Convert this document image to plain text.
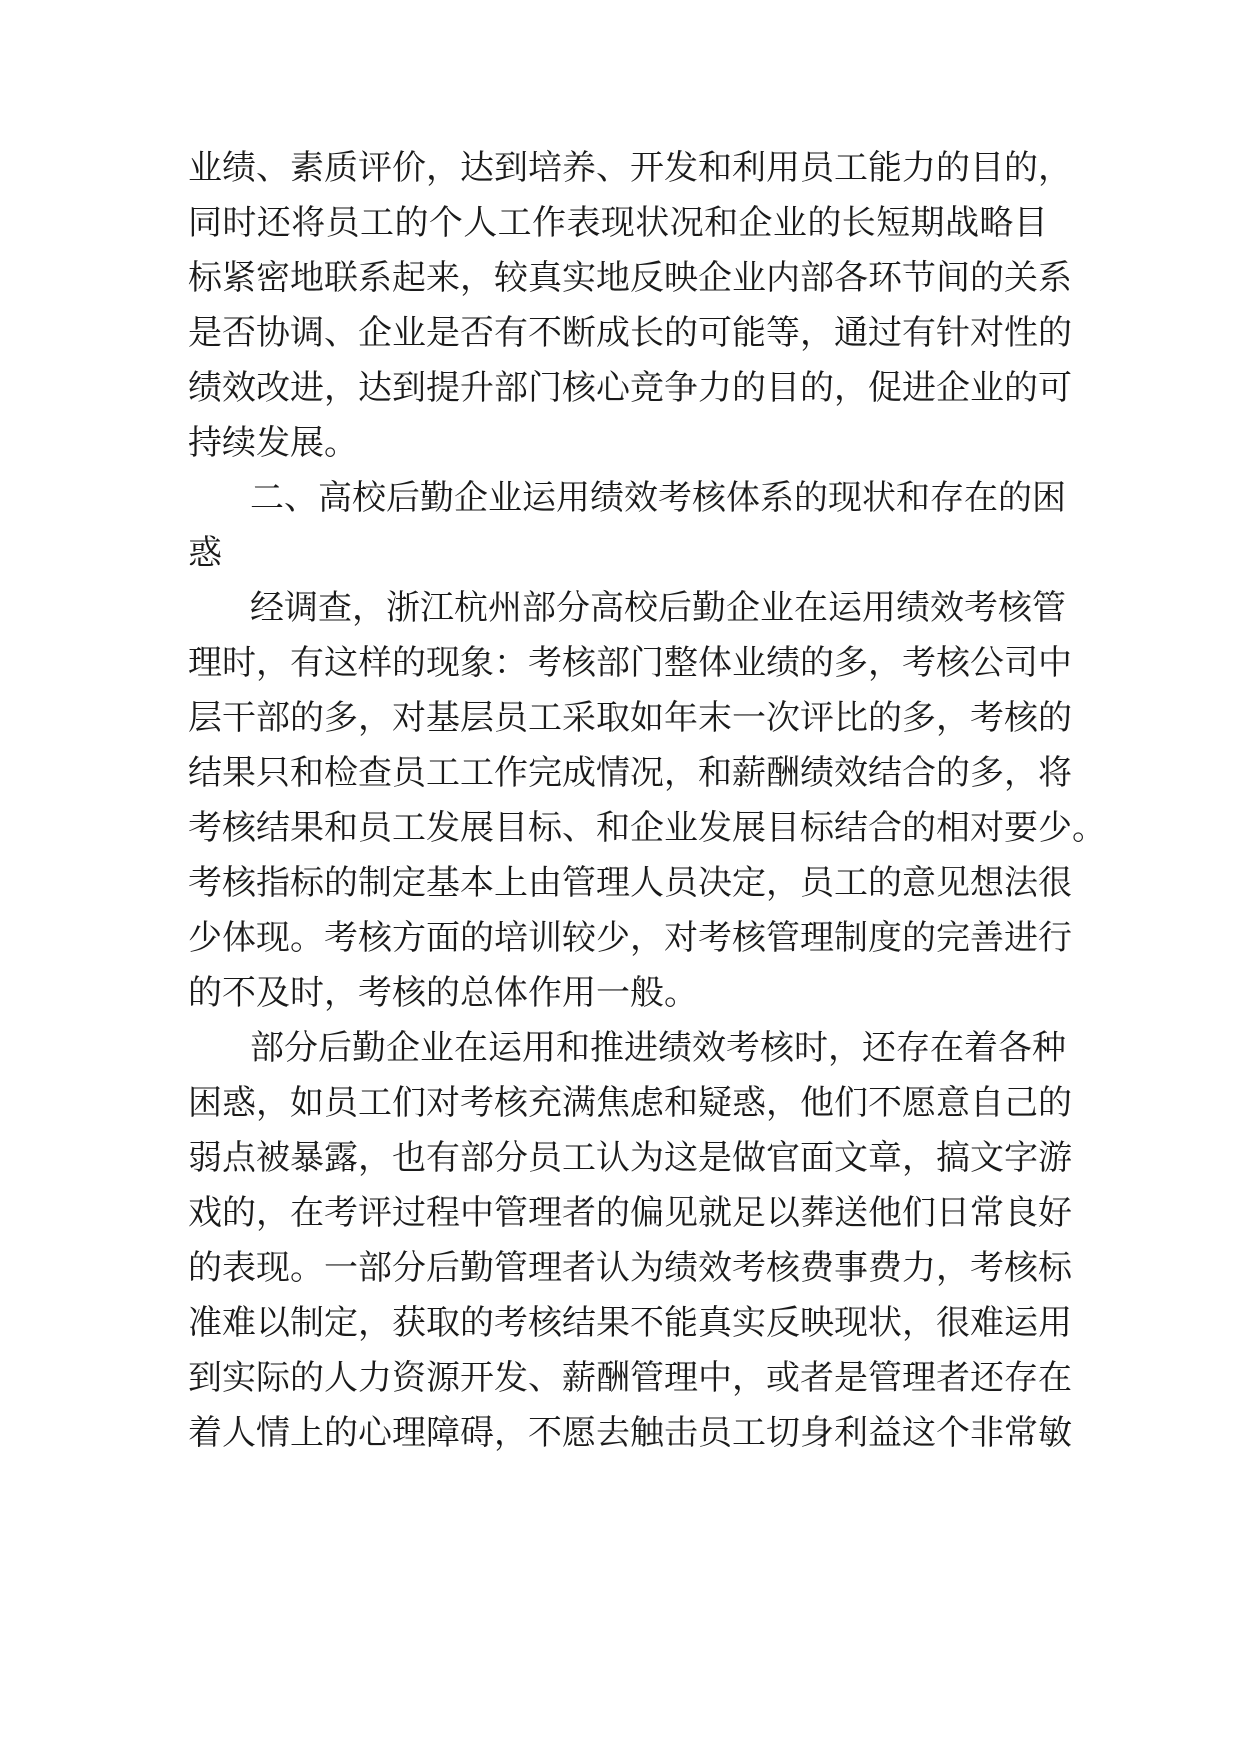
业 绩 、 素 质 评 价 ， 达 到 培 养 、 开 发 和 利 用 员 工 能 力 的 目 的 ，
同 时 还 将 员 工 的 个 人 工 作 表 现 状 况 和 企 业 的 长 短 期 战 略 目
标 紧 密 地 联 系 起 来 ， 较 真 实 地 反 映 企 业 内 部 各 环 节 间 的 关 系
是 否 协 调 、 企 业 是 否 有 不 断 成 长 的 可 能 等 ， 通 过 有 针 对 性 的
绩 效 改 进 ， 达 到 提 升 部 门 核 心 竞 争 力 的 目 的 ， 促 进 企 业 的 可
持续发展。
二 、 高 校 后 勤 企 业 运 用 绩 效 考 核 体 系 的 现 状 和 存 在 的 困
惑
经 调 查 ， 浙 江 杭 州 部 分 高 校 后 勤 企 业 在 运 用 绩 效 考 核 管
理 时 ， 有 这 样 的 现 象 ： 考 核 部 门 整 体 业 绩 的 多 ， 考 核 公 司 中
层 干 部 的 多 ， 对 基 层 员 工 采 取 如 年 末 一 次 评 比 的 多 ， 考 核 的
结 果 只 和 检 查 员 工 工 作 完 成 情 况 ， 和 薪 酬 绩 效 结 合 的 多 ， 将
考 核 结 果 和 员 工 发 展 目 标 、 和 企 业 发 展 目 标 结 合 的 相 对 要 少 。
考 核 指 标 的 制 定 基 本 上 由 管 理 人 员 决 定 ， 员 工 的 意 见 想 法 很
少 体 现 。 考 核 方 面 的 培 训 较 少 ， 对 考 核 管 理 制 度 的 完 善 进 行
的不及时，考核的总体作用一般。
部 分 后 勤 企 业 在 运 用 和 推 进 绩 效 考 核 时 ， 还 存 在 着 各 种
困 惑 ， 如 员 工 们 对 考 核 充 满 焦 虑 和 疑 惑 ， 他 们 不 愿 意 自 己 的
弱 点 被 暴 露 ， 也 有 部 分 员 工 认 为 这 是 做 官 面 文 章 ， 搞 文 字 游
戏 的 ， 在 考 评 过 程 中 管 理 者 的 偏 见 就 足 以 葬 送 他 们 日 常 良 好
的 表 现 。 一 部 分 后 勤 管 理 者 认 为 绩 效 考 核 费 事 费 力 ， 考 核 标
准 难 以 制 定 ， 获 取 的 考 核 结 果 不 能 真 实 反 映 现 状 ， 很 难 运 用
到 实 际 的 人 力 资 源 开 发 、 薪 酬 管 理 中 ， 或 者 是 管 理 者 还 存 在
着 人 情 上 的 心 理 障 碍 ， 不 愿 去 触 击 员 工 切 身 利 益 这 个 非 常 敏
